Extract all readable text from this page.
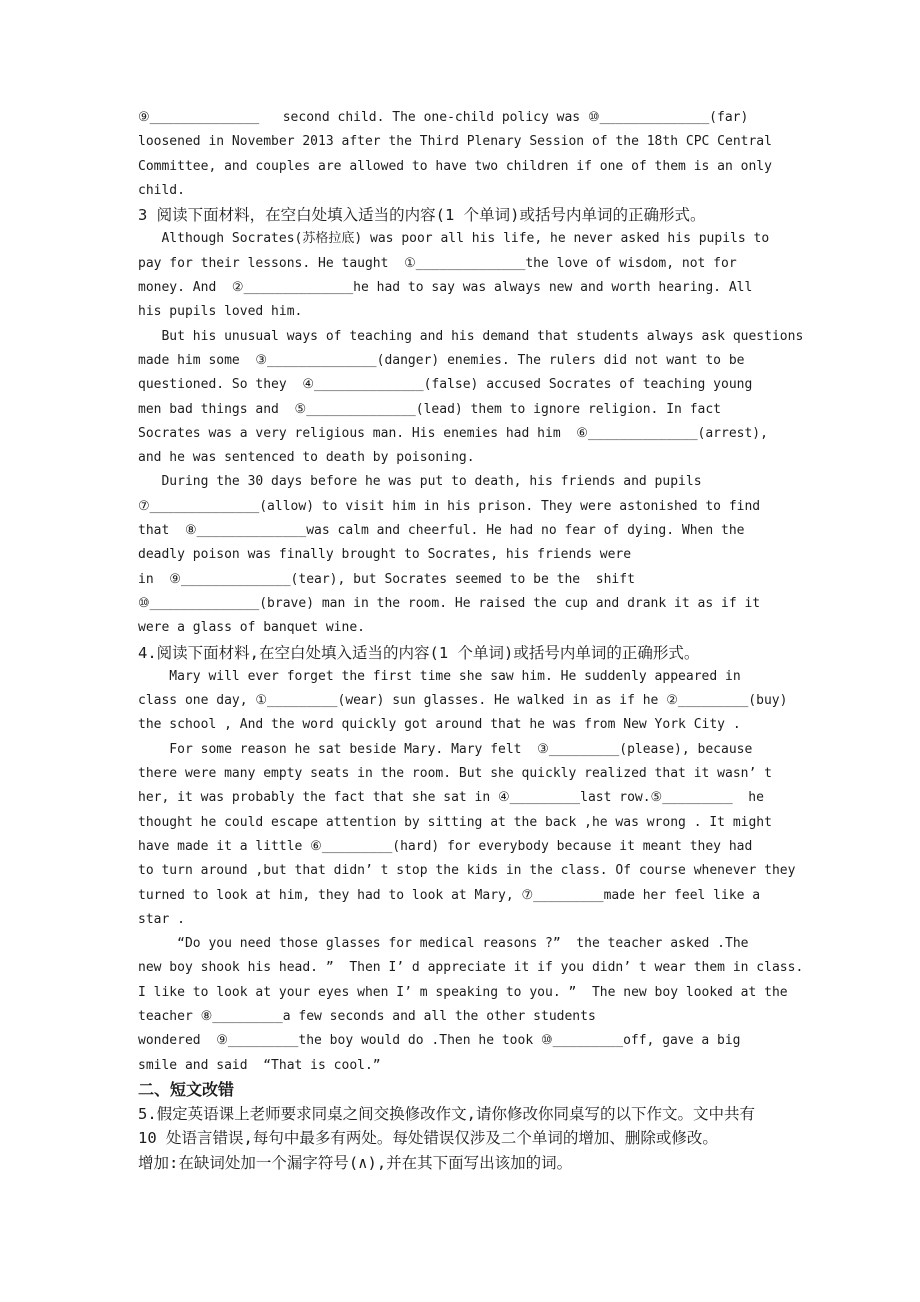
⑨______________   second child. The one-child policy was ⑩______________(far)
loosened in November 2013 after the Third Plenary Session of the 18th CPC Central
Committee, and couples are allowed to have two children if one of them is an only
child.
3 阅读下面材料，在空白处填入适当的内容(1 个单词)或括号内单词的正确形式。
Although Socrates(苏格拉底) was poor all his life, he never asked his pupils to
pay for their lessons. He taught  ①______________the love of wisdom, not for
money. And  ②______________he had to say was always new and worth hearing. All
his pupils loved him.
But his unusual ways of teaching and his demand that students always ask questions
made him some  ③______________(danger) enemies. The rulers did not want to be
questioned. So they  ④______________(false) accused Socrates of teaching young
men bad things and  ⑤______________(lead) them to ignore religion. In fact
Socrates was a very religious man. His enemies had him  ⑥______________(arrest),
and he was sentenced to death by poisoning.
During the 30 days before he was put to death, his friends and pupils
⑦______________(allow) to visit him in his prison. They were astonished to find
that  ⑧______________was calm and cheerful. He had no fear of dying. When the
deadly poison was finally brought to Socrates, his friends were
in  ⑨______________(tear), but Socrates seemed to be the  shift
⑩______________(brave) man in the room. He raised the cup and drank it as if it
were a glass of banquet wine.
4.阅读下面材料,在空白处填入适当的内容(1 个单词)或括号内单词的正确形式。
Mary will ever forget the first time she saw him. He suddenly appeared in
class one day, ①_________(wear) sun glasses. He walked in as if he ②_________(buy)
the school , And the word quickly got around that he was from New York City .
For some reason he sat beside Mary. Mary felt  ③_________(please), because
there were many empty seats in the room. But she quickly realized that it wasn’ t
her, it was probably the fact that she sat in ④_________last row.⑤_________  he
thought he could escape attention by sitting at the back ,he was wrong . It might
have made it a little ⑥_________(hard) for everybody because it meant they had
to turn around ,but that didn’ t stop the kids in the class. Of course whenever they
turned to look at him, they had to look at Mary, ⑦_________made her feel like a
star .
“Do you need those glasses for medical reasons ?”  the teacher asked .The
new boy shook his head. ”  Then I’ d appreciate it if you didn’ t wear them in class.
I like to look at your eyes when I’ m speaking to you. ”  The new boy looked at the
teacher ⑧_________a few seconds and all the other students
wondered  ⑨_________the boy would do .Then he took ⑩_________off, gave a big
smile and said  “That is cool.”
二、短文改错
5.假定英语课上老师要求同桌之间交换修改作文,请你修改你同桌写的以下作文。文中共有
10 处语言错误,每句中最多有两处。每处错误仅涉及二个单词的增加、删除或修改。
增加:在缺词处加一个漏字符号(∧),并在其下面写出该加的词。
